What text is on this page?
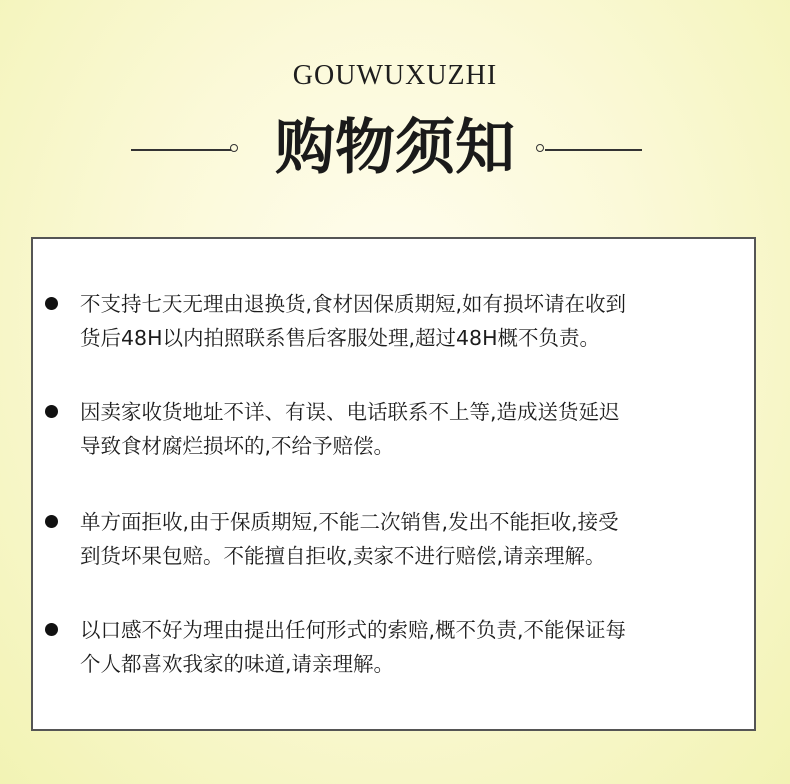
GOUWUXUZHI
购物须知
不支持七天无理由退换货,食材因保质期短,如有损坏请在收到
货后48H以内拍照联系售后客服处理,超过48H概不负责。
因卖家收货地址不详、有误、电话联系不上等,造成送货延迟
导致食材腐烂损坏的,不给予赔偿。
单方面拒收,由于保质期短,不能二次销售,发出不能拒收,接受
到货坏果包赔。不能擅自拒收,卖家不进行赔偿,请亲理解。
以口感不好为理由提出任何形式的索赔,概不负责,不能保证每
个人都喜欢我家的味道,请亲理解。
